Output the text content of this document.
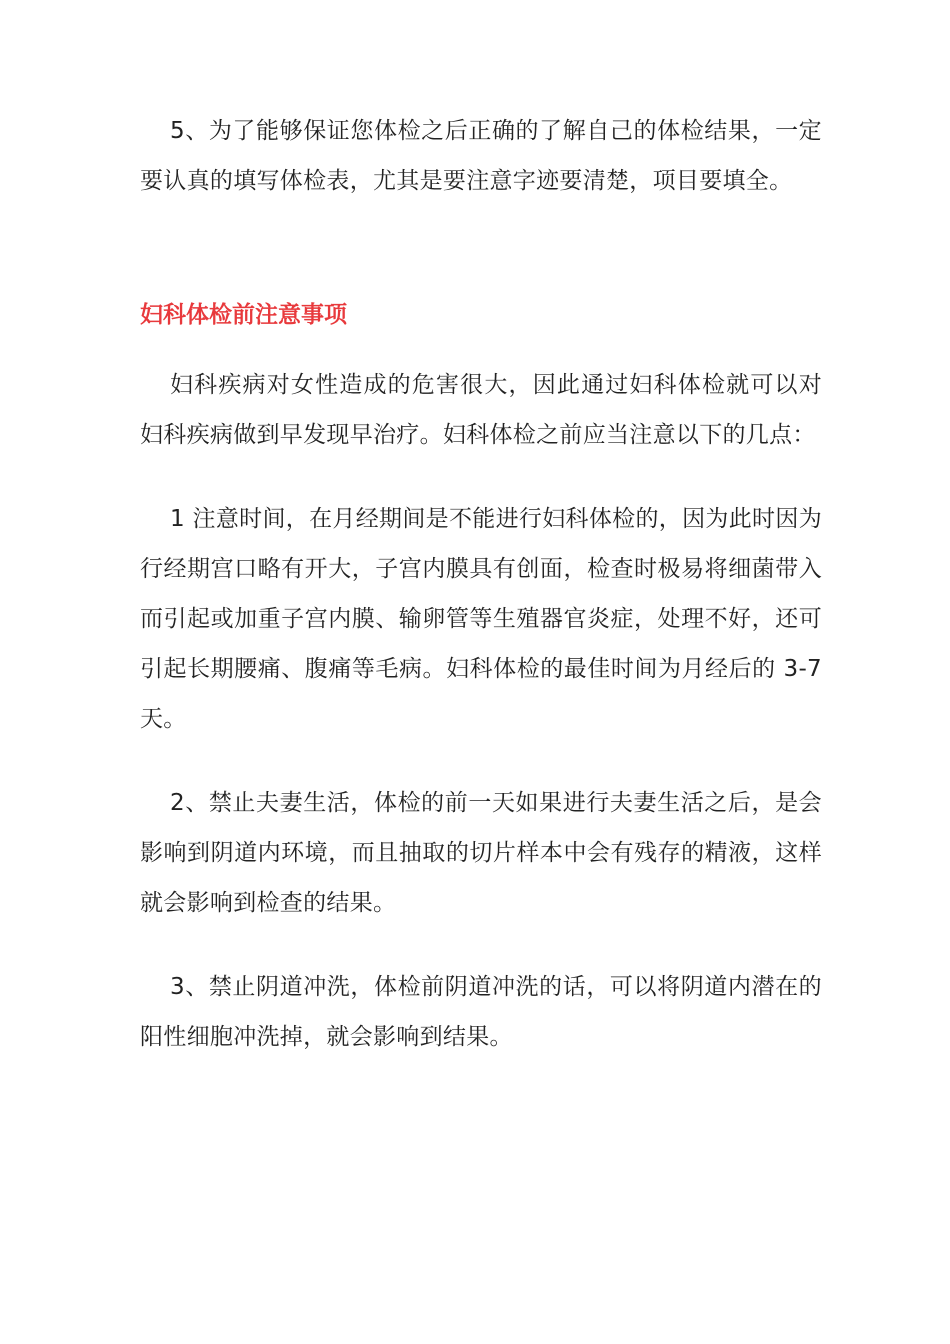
5、为了能够保证您体检之后正确的了解自己的体检结果，一定要认真的填写体检表，尤其是要注意字迹要清楚，项目要填全。

妇科体检前注意事项

妇科疾病对女性造成的危害很大，因此通过妇科体检就可以对妇科疾病做到早发现早治疗。妇科体检之前应当注意以下的几点：

1 注意时间，在月经期间是不能进行妇科体检的，因为此时因为行经期宫口略有开大，子宫内膜具有创面，检查时极易将细菌带入而引起或加重子宫内膜、输卵管等生殖器官炎症，处理不好，还可引起长期腰痛、腹痛等毛病。妇科体检的最佳时间为月经后的 3-7 天。

2、禁止夫妻生活，体检的前一天如果进行夫妻生活之后，是会影响到阴道内环境，而且抽取的切片样本中会有残存的精液，这样就会影响到检查的结果。

3、禁止阴道冲洗，体检前阴道冲洗的话，可以将阴道内潜在的阳性细胞冲洗掉，就会影响到结果。
